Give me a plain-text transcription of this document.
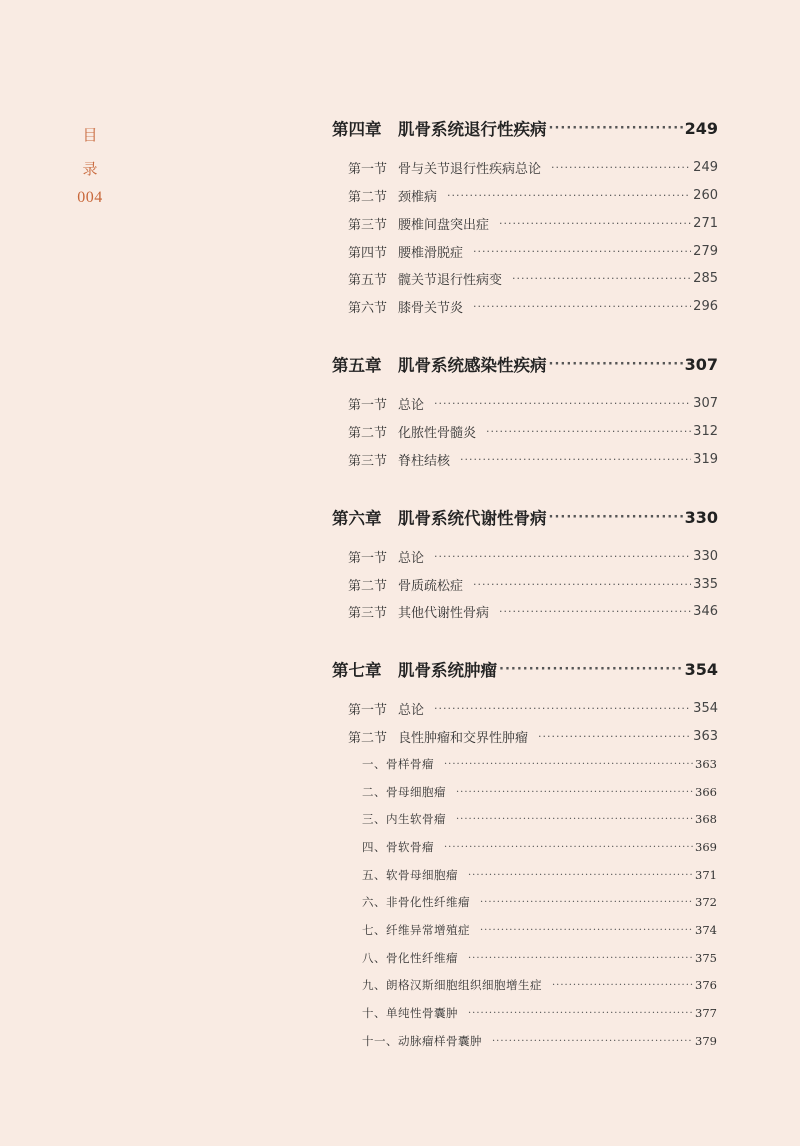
目
录
004
第四章	肌骨系统退行性疾病 ·····	249
第一节 骨与关节退行性疾病总论 ·····	249
第二节 颈椎病 ·····	260
第三节 腰椎间盘突出症 ·····	271
第四节 腰椎滑脱症 ·····	279
第五节 髋关节退行性病变 ·····	285
第六节 膝骨关节炎 ·····	296
第五章	肌骨系统感染性疾病 ·····	307
第一节 总论 ·····	307
第二节 化脓性骨髓炎 ·····	312
第三节 脊柱结核 ·····	319
第六章	肌骨系统代谢性骨病 ·····	330
第一节 总论 ·····	330
第二节 骨质疏松症 ·····	335
第三节 其他代谢性骨病 ·····	346
第七章	肌骨系统肿瘤 ·····	354
第一节 总论 ·····	354
第二节 良性肿瘤和交界性肿瘤 ·····	363
一、骨样骨瘤 ·····	363
二、骨母细胞瘤 ·····	366
三、内生软骨瘤 ·····	368
四、骨软骨瘤 ·····	369
五、软骨母细胞瘤 ·····	371
六、非骨化性纤维瘤 ·····	372
七、纤维异常增殖症 ·····	374
八、骨化性纤维瘤 ·····	375
九、朗格汉斯细胞组织细胞增生症 ·····	376
十、单纯性骨囊肿 ·····	377
十一、动脉瘤样骨囊肿 ·····	379
